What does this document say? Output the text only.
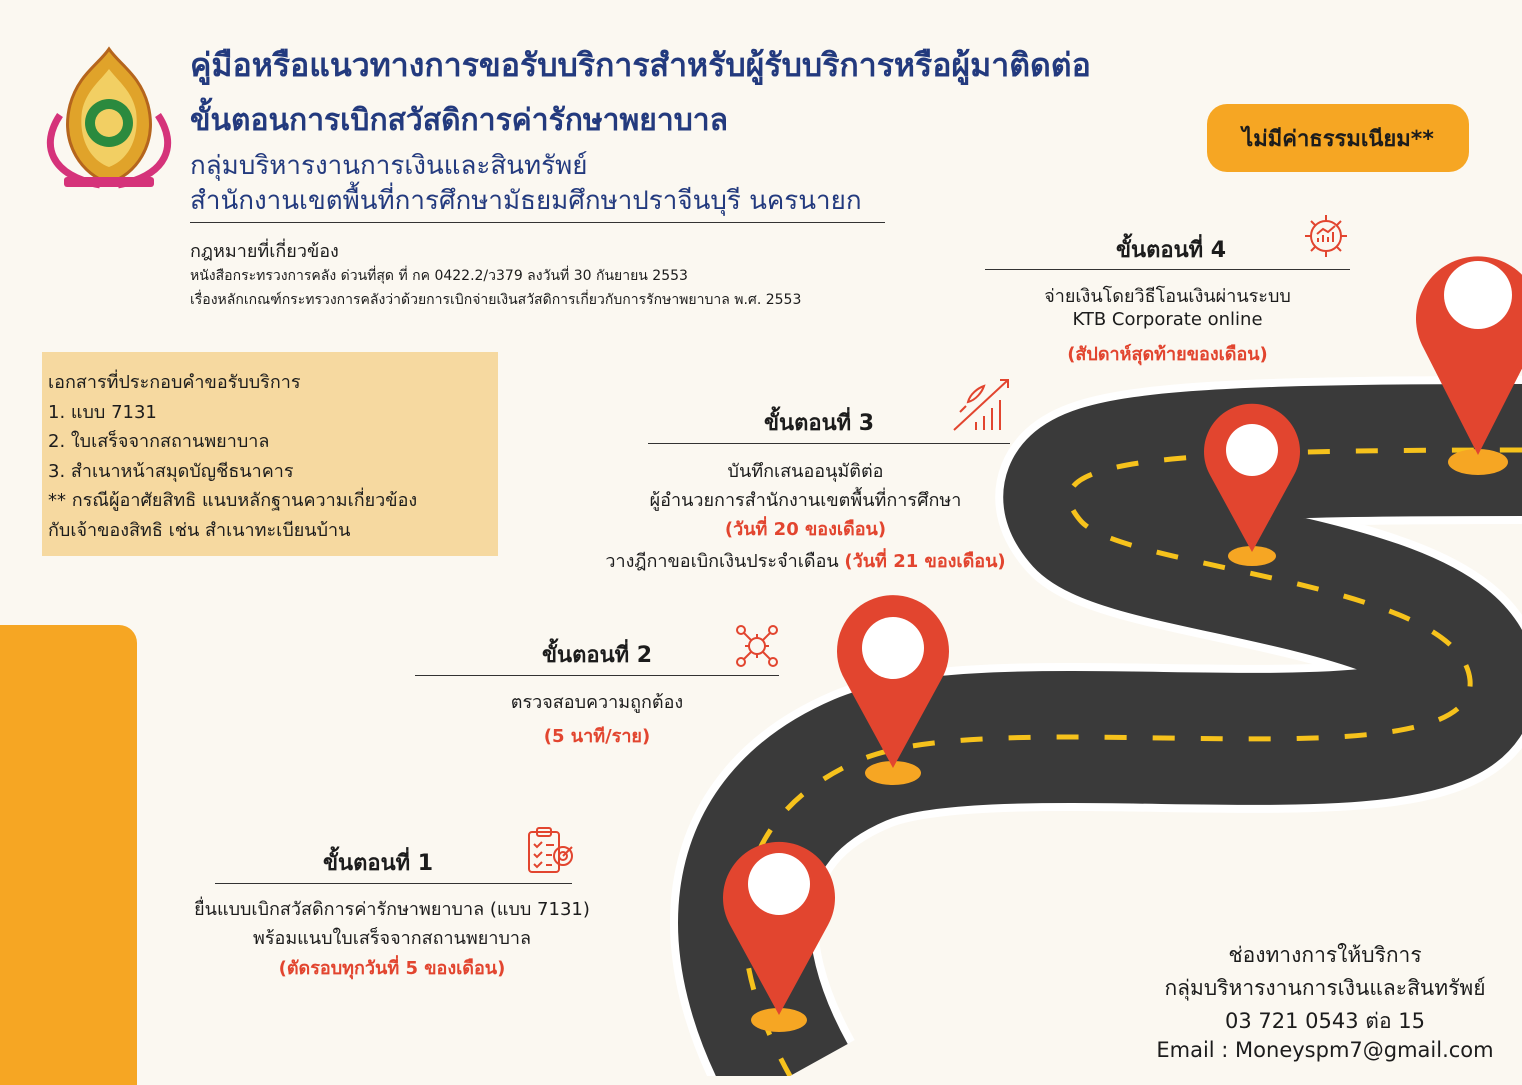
คู่มือหรือแนวทางการขอรับบริการสำหรับผู้รับบริการหรือผู้มาติดต่อ
ขั้นตอนการเบิกสวัสดิการค่ารักษาพยาบาล
กลุ่มบริหารงานการเงินและสินทรัพย์
สำนักงานเขตพื้นที่การศึกษามัธยมศึกษาปราจีนบุรี นครนายก
ไม่มีค่าธรรมเนียม**
กฎหมายที่เกี่ยวข้อง
หนังสือกระทรวงการคลัง ด่วนที่สุด ที่ กค 0422.2/ว379 ลงวันที่ 30 กันยายน 2553
เรื่องหลักเกณฑ์กระทรวงการคลังว่าด้วยการเบิกจ่ายเงินสวัสดิการเกี่ยวกับการรักษาพยาบาล พ.ศ. 2553
เอกสารที่ประกอบคำขอรับบริการ
1. แบบ 7131
2. ใบเสร็จจากสถานพยาบาล
3. สำเนาหน้าสมุดบัญชีธนาคาร
** กรณีผู้อาศัยสิทธิ แนบหลักฐานความเกี่ยวข้อง
กับเจ้าของสิทธิ เช่น สำเนาทะเบียนบ้าน
ขั้นตอนที่ 4
จ่ายเงินโดยวิธีโอนเงินผ่านระบบ
KTB Corporate online
(สัปดาห์สุดท้ายของเดือน)
ขั้นตอนที่ 3
บันทึกเสนออนุมัติต่อ
ผู้อำนวยการสำนักงานเขตพื้นที่การศึกษา
(วันที่ 20 ของเดือน)
วางฎีกาขอเบิกเงินประจำเดือน (วันที่ 21 ของเดือน)
ขั้นตอนที่ 2
ตรวจสอบความถูกต้อง
(5 นาที/ราย)
ขั้นตอนที่ 1
ยื่นแบบเบิกสวัสดิการค่ารักษาพยาบาล (แบบ 7131)
พร้อมแนบใบเสร็จจากสถานพยาบาล
(ตัดรอบทุกวันที่ 5 ของเดือน)
ช่องทางการให้บริการ
กลุ่มบริหารงานการเงินและสินทรัพย์
03 721 0543 ต่อ 15
Email : Moneyspm7@gmail.com
